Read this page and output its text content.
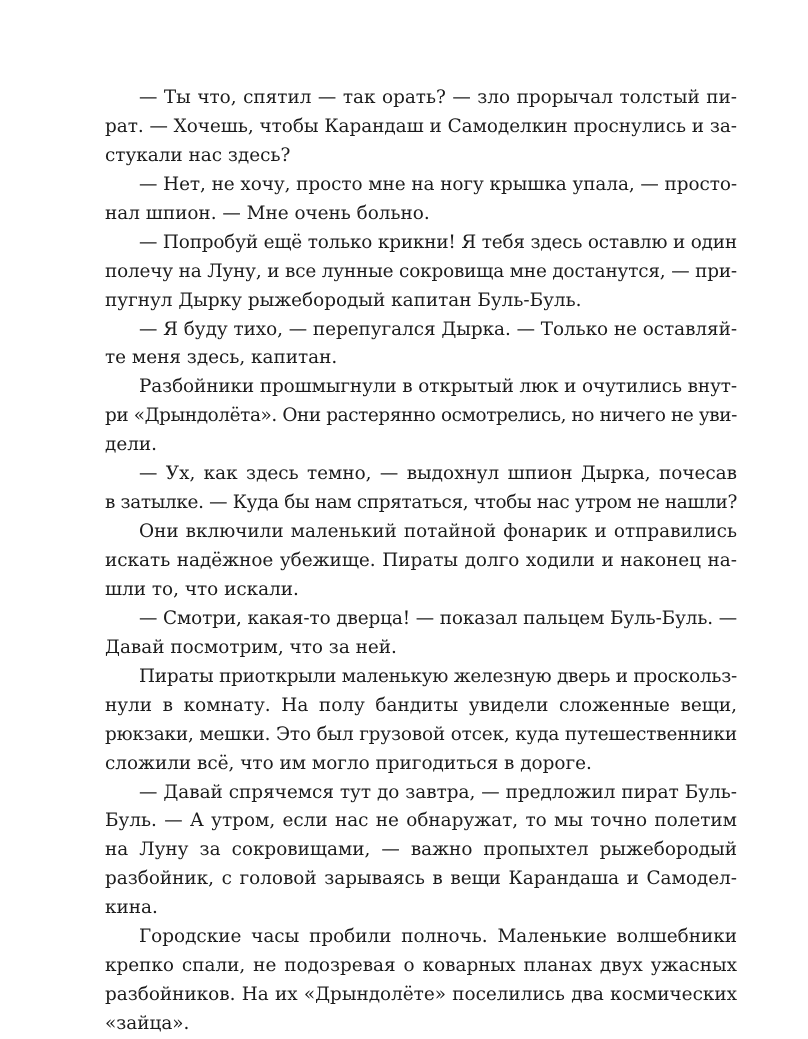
— Ты что, спятил — так орать? — зло прорычал толстый пи-
рат. — Хочешь, чтобы Карандаш и Самоделкин проснулись и за-
стукали нас здесь?
— Нет, не хочу, просто мне на ногу крышка упала, — просто-
нал шпион. — Мне очень больно.
— Попробуй ещё только крикни! Я тебя здесь оставлю и один
полечу на Луну, и все лунные сокровища мне достанутся, — при-
пугнул Дырку рыжебородый капитан Буль-Буль.
— Я буду тихо, — перепугался Дырка. — Только не оставляй-
те меня здесь, капитан.
Разбойники прошмыгнули в открытый люк и очутились внут-
ри «Дрындолёта». Они растерянно осмотрелись, но ничего не уви-
дели.
— Ух, как здесь темно, — выдохнул шпион Дырка, почесав
в затылке. — Куда бы нам спрятаться, чтобы нас утром не нашли?
Они включили маленький потайной фонарик и отправились
искать надёжное убежище. Пираты долго ходили и наконец на-
шли то, что искали.
— Смотри, какая-то дверца! — показал пальцем Буль-Буль. —
Давай посмотрим, что за ней.
Пираты приоткрыли маленькую железную дверь и проскольз-
нули в комнату. На полу бандиты увидели сложенные вещи,
рюкзаки, мешки. Это был грузовой отсек, куда путешественники
сложили всё, что им могло пригодиться в дороге.
— Давай спрячемся тут до завтра, — предложил пират Буль-
Буль. — А утром, если нас не обнаружат, то мы точно полетим
на Луну за сокровищами, — важно пропыхтел рыжебородый
разбойник, с головой зарываясь в вещи Карандаша и Самодел-
кина.
Городские часы пробили полночь. Маленькие волшебники
крепко спали, не подозревая о коварных планах двух ужасных
разбойников. На их «Дрындолёте» поселились два космических
«зайца».
